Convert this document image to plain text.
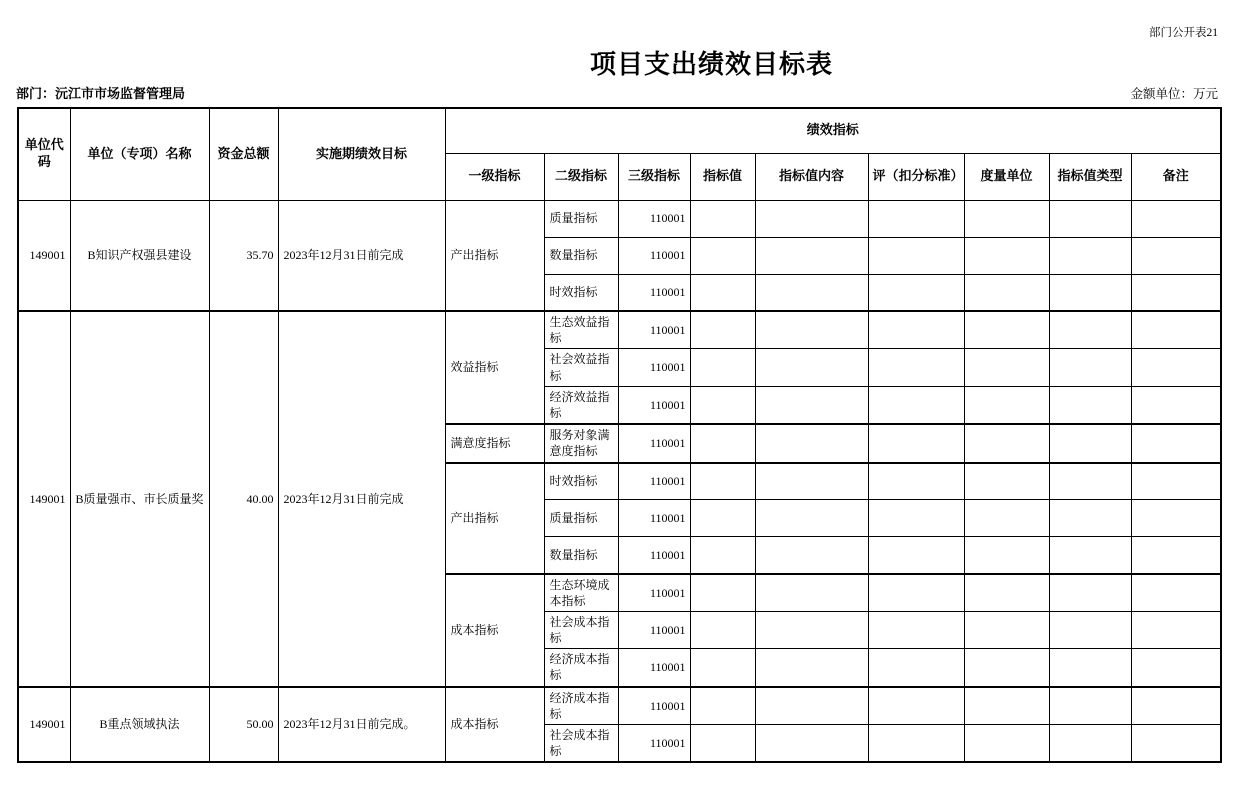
部门公开表21
项目支出绩效目标表
部门：沅江市市场监督管理局	金额单位：万元
单位代码	单位（专项）名称	资金总额	实施期绩效目标	绩效指标								
				一级指标	二级指标	三级指标	指标值	指标值内容	评（扣分标准）	度量单位	指标值类型	备注
149001	B知识产权强县建设	35.70	2023年12月31日前完成	产出指标	质量指标	110001						
					数量指标	110001						
					时效指标	110001						
149001	B质量强市、市长质量奖	40.00	2023年12月31日前完成	效益指标	生态效益指标	110001						
					社会效益指标	110001						
					经济效益指标	110001						
				满意度指标	服务对象满意度指标	110001						
				产出指标	时效指标	110001						
					质量指标	110001						
					数量指标	110001						
				成本指标	生态环境成本指标	110001						
					社会成本指标	110001						
					经济成本指标	110001						
149001	B重点领域执法	50.00	2023年12月31日前完成。	成本指标	经济成本指标	110001						
					社会成本指标	110001						
